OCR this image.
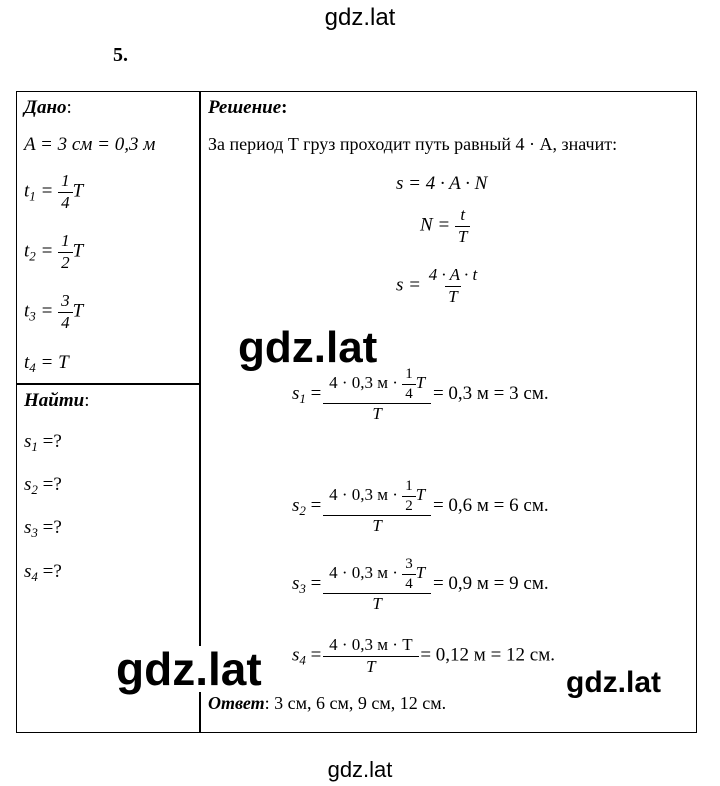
gdz.lat
5.
Дано:
A = 3 см = 0,3 м
$t_1 = \frac{1}{4}$ T
$t_2 = \frac{1}{2}$ T
$t_3 = \frac{3}{4}$ T
$t_4 = T$
Найти:
$s_1$ =?
$s_2$ =?
$s_3$ =?
$s_4$ =?
Решение:
За период T груз проходит путь равный 4 · A, значит:
s = 4 · A · N
$N = \frac{t}{T}$
$s = \frac{4 \cdot A \cdot t}{T}$
$s_1 = \frac{4 \cdot 0,3 м \cdot \frac{1}{4} T}{T} = 0,3$ м = 3 см.
$s_2 = \frac{4 \cdot 0,3 м \cdot \frac{1}{2} T}{T} = 0,6$ м = 6 см.
$s_3 = \frac{4 \cdot 0,3 м \cdot \frac{3}{4} T}{T} = 0,9$ м = 9 см.
$s_4 = \frac{4 \cdot 0,3 м \cdot T}{T} = 0,12$ м = 12 см.
Ответ: 3 см, 6 см, 9 см, 12 см.
gdz.lat
gdz.lat	gdz.lat
gdz.lat
